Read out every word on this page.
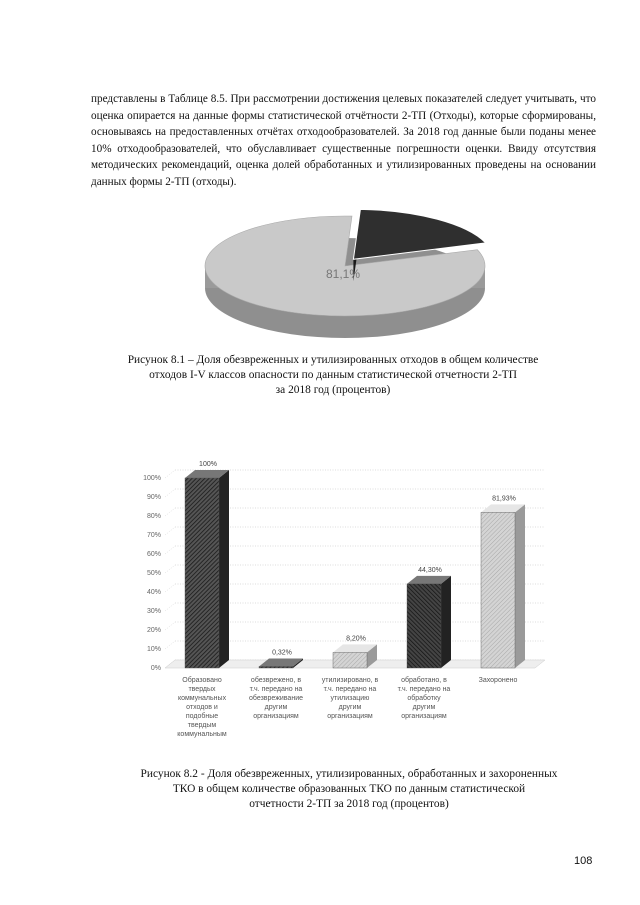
представлены в Таблице 8.5. При рассмотрении достижения целевых показателей следует учитывать, что оценка опирается на данные формы статистической отчётности 2-ТП (Отходы), которые сформированы, основываясь на предоставленных отчётах отходообразователей. За 2018 год данные были поданы менее 10% отходообразователей, что обуславливает существенные погрешности оценки. Ввиду отсутствия методических рекомендаций, оценка долей обработанных и утилизированных проведены на основании данных формы 2-ТП (отходы).
81,1%
Рисунок 8.1 – Доля обезвреженных и утилизированных отходов в общем количестве
отходов I-V классов опасности по данным статистической отчетности 2-ТП
за 2018 год (процентов)
0%
10%
20%
30%
40%
50%
60%
70%
80%
90%
100%
100%
Образовано твердых коммунальных отходов и подобные твердым коммунальным
0,32%
обезврежено, в т.ч. передано на обезвреживание другим организациям
8,20%
утилизировано, в т.ч. передано на утилизацию другим организациям
44,30%
обработано, в т.ч. передано на обработку другим организациям
81,93%
Захоронено
Рисунок 8.2 - Доля обезвреженных, утилизированных, обработанных и захороненных
ТКО в общем количестве образованных ТКО по данным статистической
отчетности 2-ТП за 2018 год (процентов)
108
